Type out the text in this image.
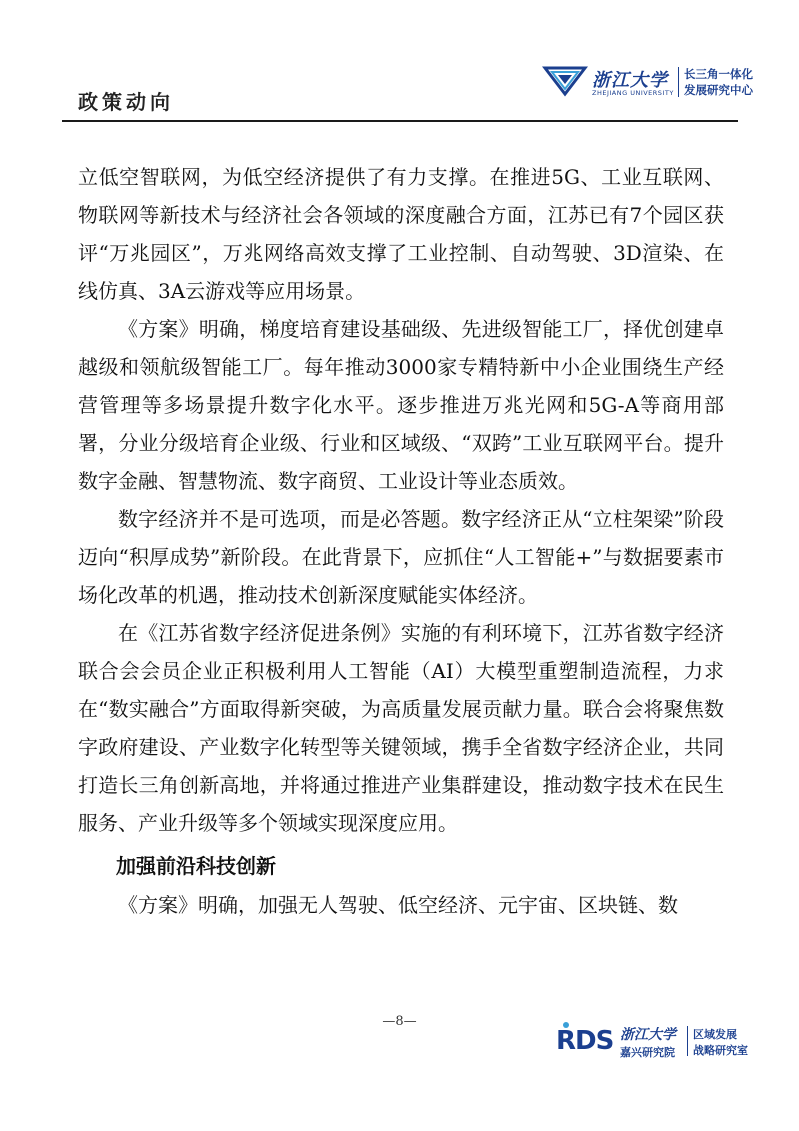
政策动向
浙江大学
ZHEJIANG UNIVERSITY
长三角一体化
发展研究中心

立低空智联网，为低空经济提供了有力支撑。在推进5G、工业互联网、物联网等新技术与经济社会各领域的深度融合方面，江苏已有7个园区获评“万兆园区”，万兆网络高效支撑了工业控制、自动驾驶、3D渲染、在线仿真、3A云游戏等应用场景。

《方案》明确，梯度培育建设基础级、先进级智能工厂，择优创建卓越级和领航级智能工厂。每年推动3000家专精特新中小企业围绕生产经营管理等多场景提升数字化水平。逐步推进万兆光网和5G-A等商用部署，分业分级培育企业级、行业和区域级、“双跨”工业互联网平台。提升数字金融、智慧物流、数字商贸、工业设计等业态质效。

数字经济并不是可选项，而是必答题。数字经济正从“立柱架梁”阶段迈向“积厚成势”新阶段。在此背景下，应抓住“人工智能+”与数据要素市场化改革的机遇，推动技术创新深度赋能实体经济。

在《江苏省数字经济促进条例》实施的有利环境下，江苏省数字经济联合会会员企业正积极利用人工智能（AI）大模型重塑制造流程，力求在“数实融合”方面取得新突破，为高质量发展贡献力量。联合会将聚焦数字政府建设、产业数字化转型等关键领域，携手全省数字经济企业，共同打造长三角创新高地，并将通过推进产业集群建设，推动数字技术在民生服务、产业升级等多个领域实现深度应用。

加强前沿科技创新

《方案》明确，加强无人驾驶、低空经济、元宇宙、区块链、数

—8—
RDS 浙江大学
嘉兴研究院
区域发展
战略研究室
